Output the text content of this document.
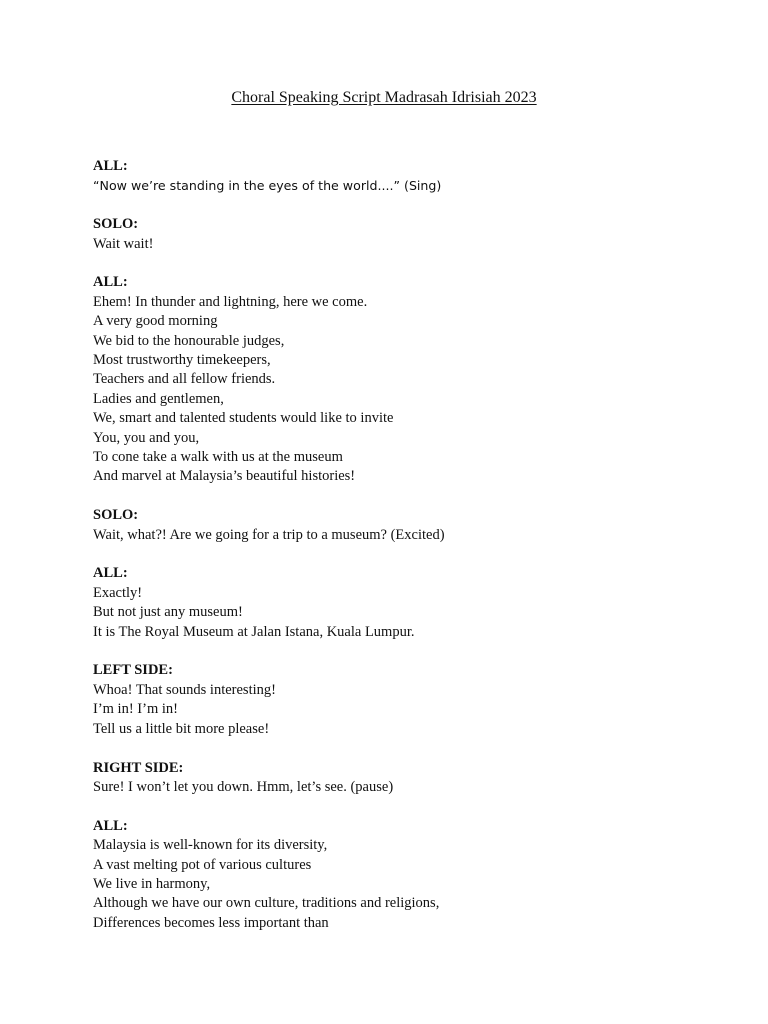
Choral Speaking Script Madrasah Idrisiah 2023
ALL:
“Now we’re standing in the eyes of the world....” (Sing)
SOLO:
Wait wait!
ALL:
Ehem! In thunder and lightning, here we come.
A very good morning
We bid to the honourable judges,
Most trustworthy timekeepers,
Teachers and all fellow friends.
Ladies and gentlemen,
We, smart and talented students would like to invite
You, you and you,
To cone take a walk with us at the museum
And marvel at Malaysia’s beautiful histories!
SOLO:
Wait, what?! Are we going for a trip to a museum? (Excited)
ALL:
Exactly!
But not just any museum!
It is The Royal Museum at Jalan Istana, Kuala Lumpur.
LEFT SIDE:
Whoa! That sounds interesting!
I’m in! I’m in!
Tell us a little bit more please!
RIGHT SIDE:
Sure! I won’t let you down. Hmm, let’s see. (pause)
ALL:
Malaysia is well-known for its diversity,
A vast melting pot of various cultures
We live in harmony,
Although we have our own culture, traditions and religions,
Differences becomes less important than
